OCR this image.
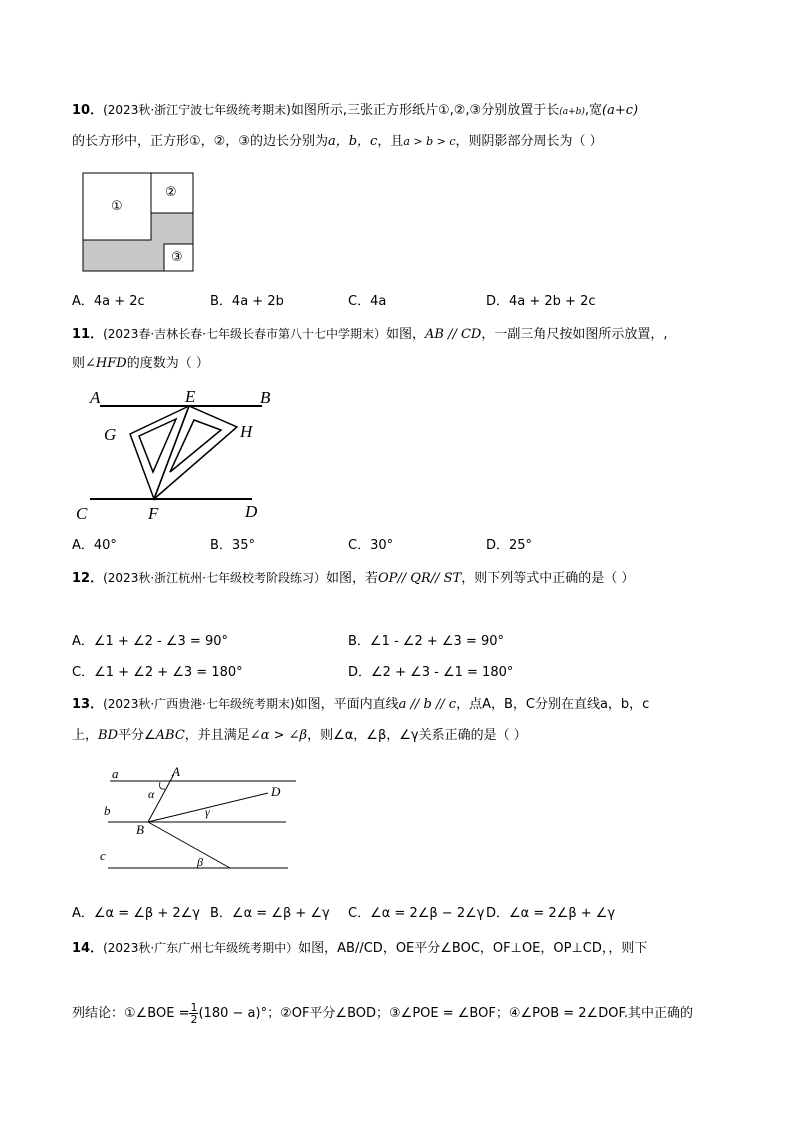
10．(2023秋·浙江宁波七年级统考期末)如图所示,三张正方形纸片①,②,③分别放置于长(a+b),宽(a+c)
的长方形中，正方形①，②，③的边长分别为a，b，c，且a > b > c，则阴影部分周长为（ ）
①
②
③
A．4a + 2c	B．4a + 2b	C．4a	D．4a + 2b + 2c
11．(2023春·吉林长春·七年级长春市第八十七中学期末）如图，AB // CD，一副三角尺按如图所示放置，,
则∠HFD的度数为（ ）
A	E	B
G	H
C	F	D
A．40°	B．35°	C．30°	D．25°
12．(2023秋·浙江杭州·七年级校考阶段练习）如图，若OP// QR// ST，则下列等式中正确的是（ ）
A．∠1 + ∠2 - ∠3 = 90°	B．∠1 - ∠2 + ∠3 = 90°
C．∠1 + ∠2 + ∠3 = 180°	D．∠2 + ∠3 - ∠1 = 180°
13．(2023秋·广西贵港·七年级统考期末)如图，平面内直线a // b // c，点A，B，C分别在直线a，b，c
上，BD平分∠ABC，并且满足∠α > ∠β，则∠α，∠β，∠γ关系正确的是（ ）
a	A
α	D
γ
b
B
c	β
A．∠α = ∠β + 2∠γ B．∠α = ∠β + ∠γ C．∠α = 2∠β − 2∠γ D．∠α = 2∠β + ∠γ
14．(2023秋·广东广州七年级统考期中）如图，AB//CD，OE平分∠BOC，OF⊥OE，OP⊥CD，，则下
列结论：①∠BOE = $\frac{1}{2} (180 - a)^\circ$；②OF平分∠BOD；③∠POE = ∠BOF；④∠POB = 2∠DOF.其中正确的
